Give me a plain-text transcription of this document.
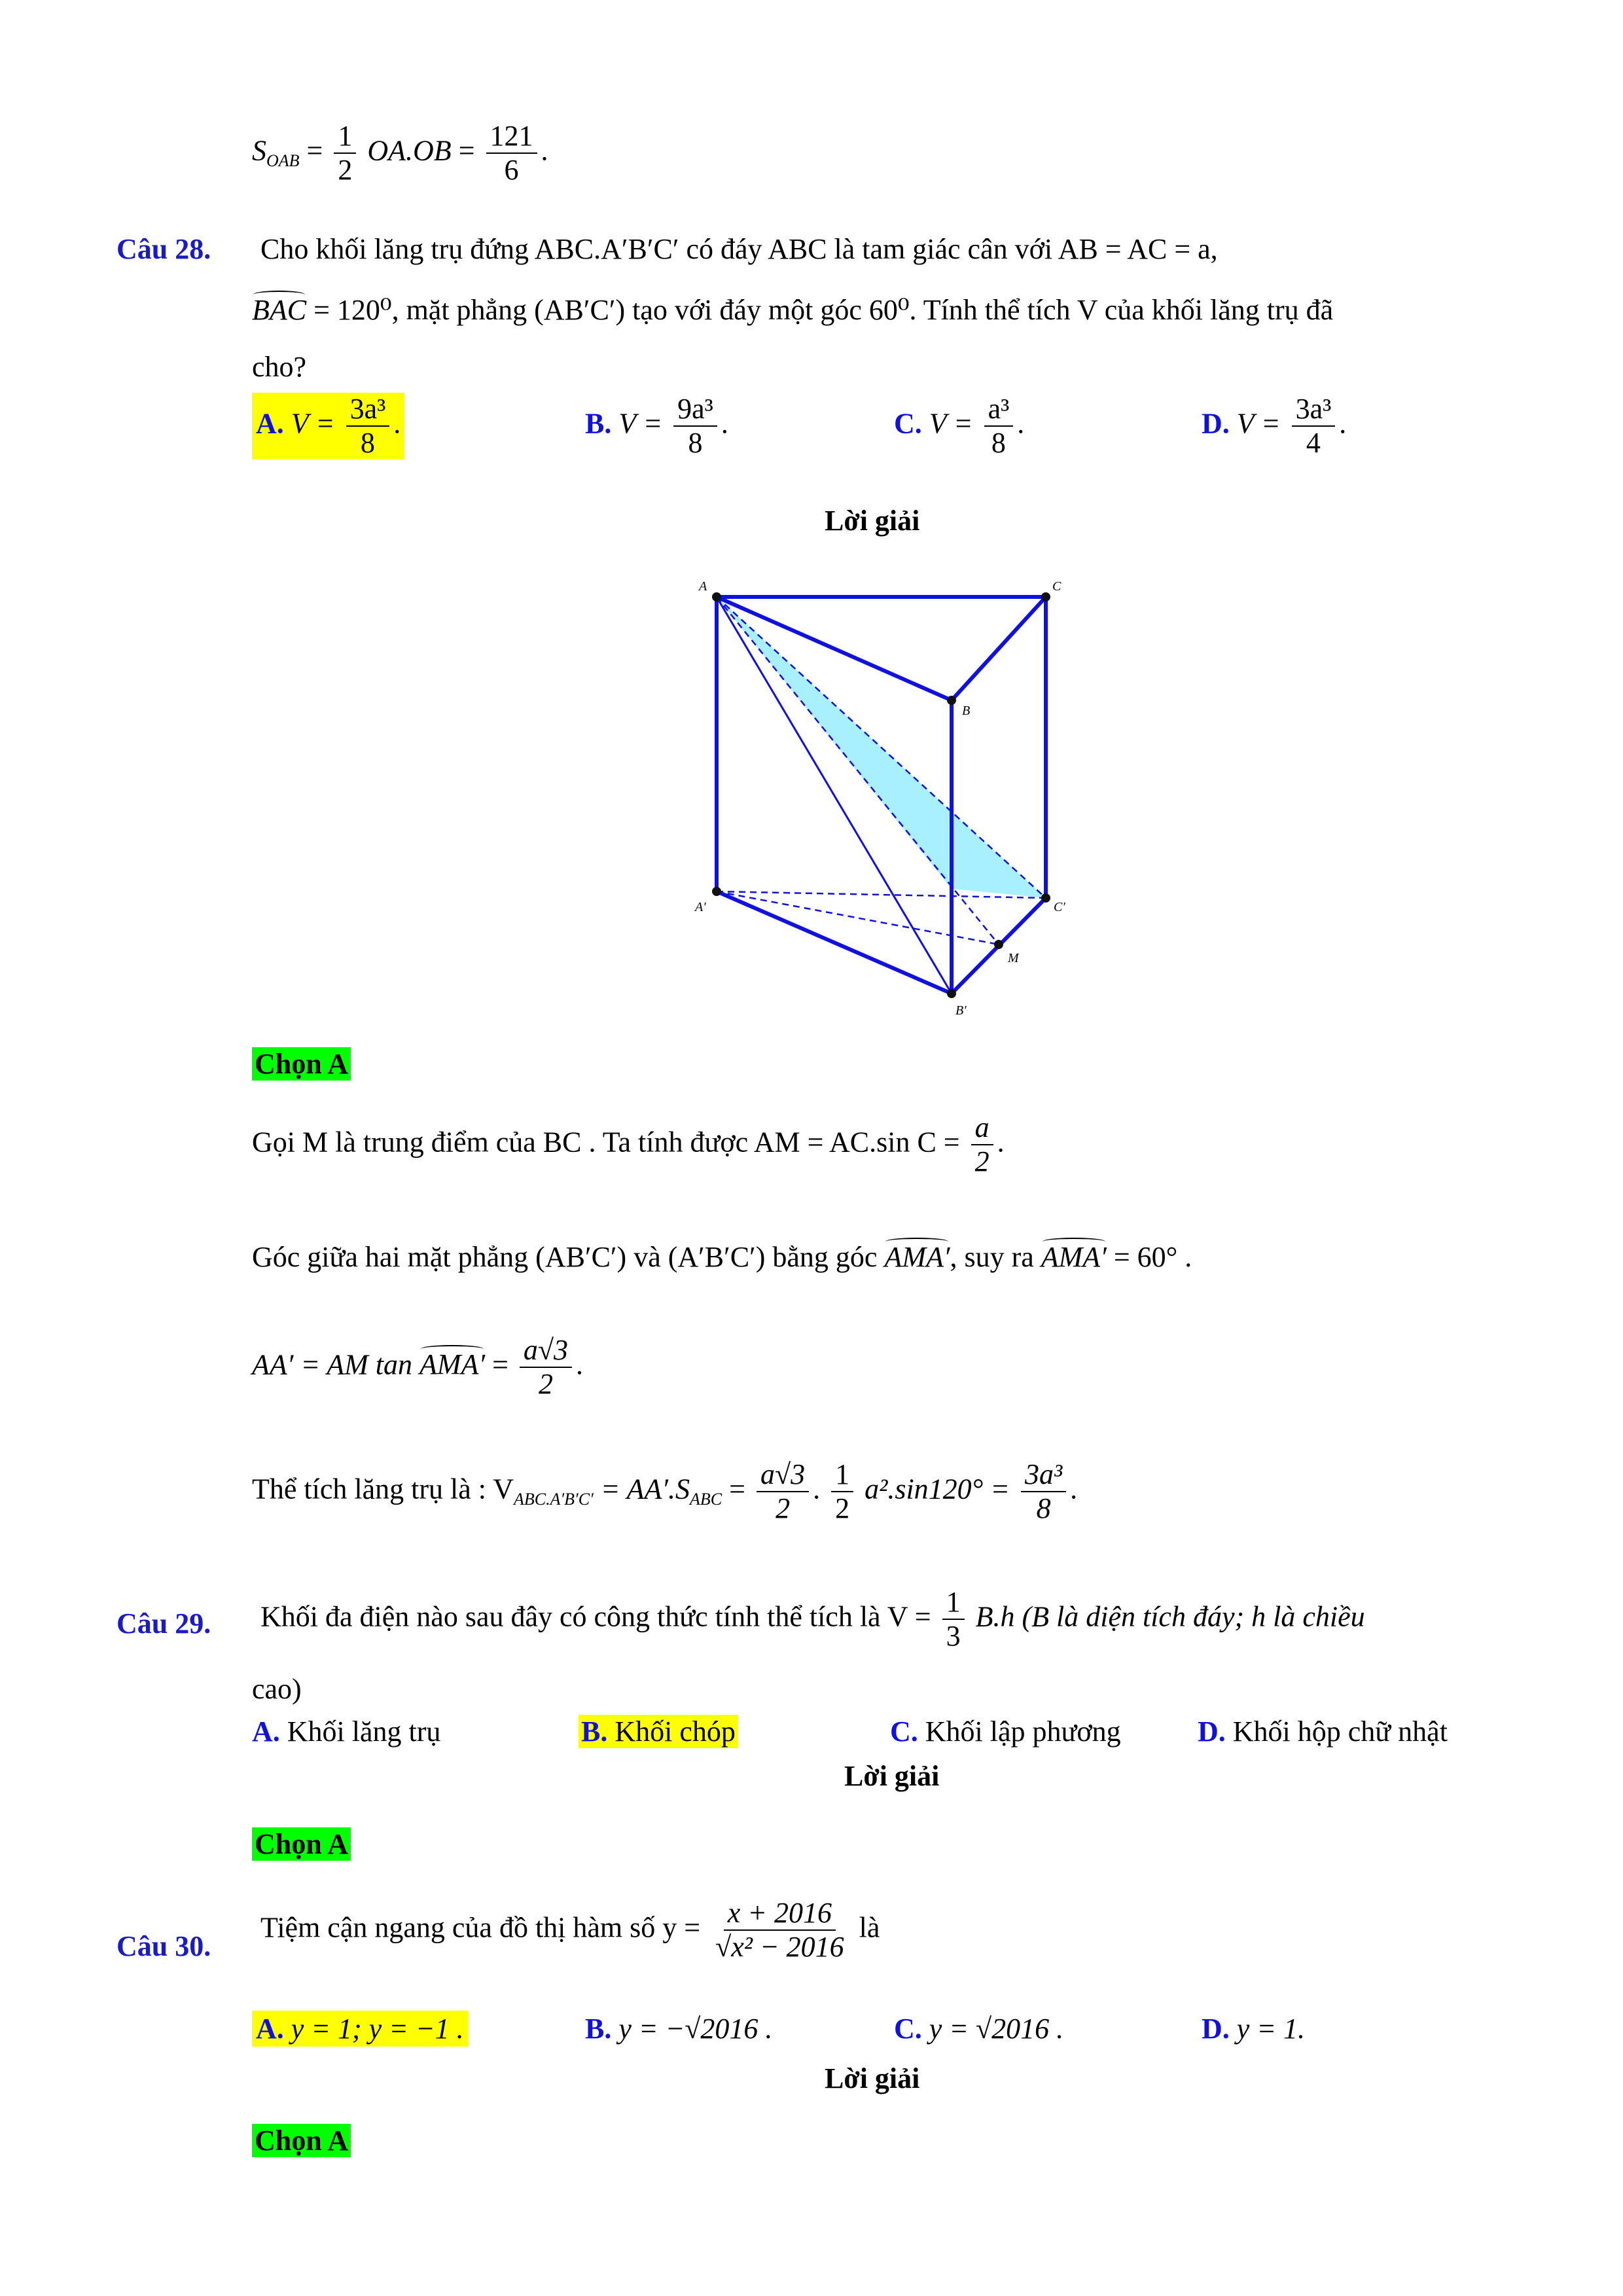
$S_{OAB} = \frac{1}{2} OA.OB = \frac{121}{6}$ .
Câu 28. Cho khối lăng trụ đứng ABC.A′B′C′ có đáy ABC là tam giác cân với AB = AC = a,
BAC = 120⁰, mặt phẳng (AB′C′) tạo với đáy một góc 60⁰. Tính thể tích V của khối lăng trụ đã
cho?
A. $V = \frac{\text{3a³}}{8}$ .	B. $V = \frac{\text{9a³}}{8}$ .	C. $V = \frac{\text{a³}}{8}$ .	D. $V = \frac{\text{3a³}}{4}$ .
Lời giải
A	C
B
A′	C′
M
B′
Chọn A
Gọi M là trung điểm của BC . Ta tính được AM = AC.sin $C = \frac{a}{2}$ .
Góc giữa hai mặt phẳng (AB′C′) và (A′B′C′) bằng góc AMA′, suy ra AMA′ = 60° .
AA′ = AM $\tan AMA' = \frac{a√3}{2}$ .
Thể tích lăng trụ là : $V_{ABC.A'B'C'} = AA'.S_{ABC} = \frac{a√3}{2}$ . $\frac{1}{2} a^2.\sin 120^\circ = \frac{\text{3a³}}{8}$ .
Câu 29. Khối đa điện nào sau đây có công thức tính thể tích là $V = \frac{1}{3} B.h$ (B là diện tích đáy; h là chiều
cao)
A. Khối lăng trụ	B. Khối chóp	C. Khối lập phương	D. Khối hộp chữ nhật
Lời giải
Chọn A
Câu 30.
Tiệm cận ngang của đồ thị hàm số $y = \frac{x + 2016}{\text{√x² − 2016}}$ là
A. y = 1; y = −1 .	B. y = −√2016 .	C. y = √2016 .	D. y = 1.
Lời giải
Chọn A
